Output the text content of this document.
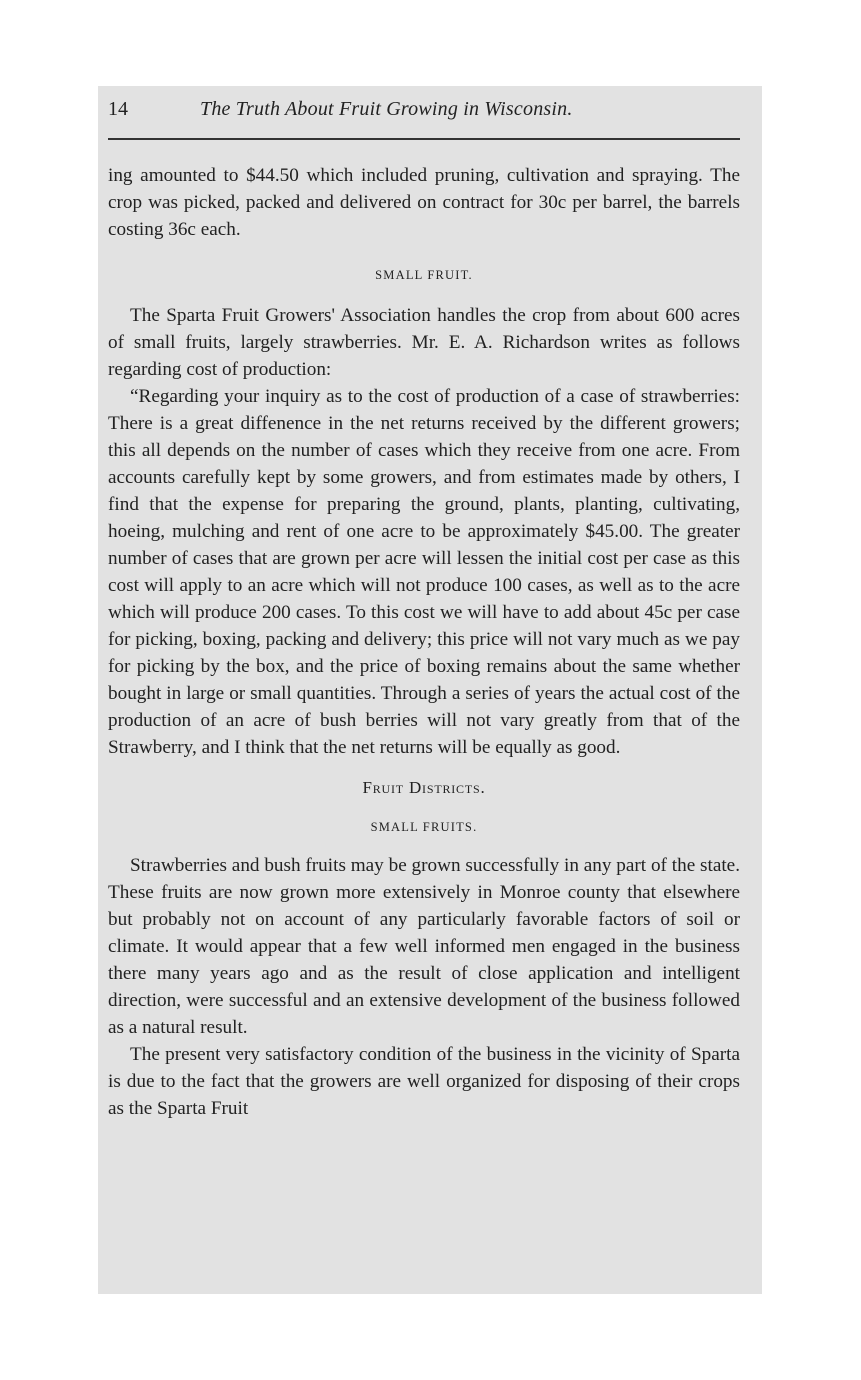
14	The Truth About Fruit Growing in Wisconsin.

ing amounted to $44.50 which included pruning, cultivation and spraying. The crop was picked, packed and delivered on contract for 30c per barrel, the barrels costing 36c each.

SMALL FRUIT.

The Sparta Fruit Growers' Association handles the crop from about 600 acres of small fruits, largely strawberries. Mr. E. A. Richardson writes as follows regarding cost of production:

“Regarding your inquiry as to the cost of production of a case of strawberries: There is a great diffenence in the net returns received by the different growers; this all depends on the number of cases which they receive from one acre. From accounts carefully kept by some growers, and from estimates made by others, I find that the expense for preparing the ground, plants, planting, cultivating, hoeing, mulching and rent of one acre to be approximately $45.00. The greater number of cases that are grown per acre will lessen the initial cost per case as this cost will apply to an acre which will not produce 100 cases, as well as to the acre which will produce 200 cases. To this cost we will have to add about 45c per case for picking, boxing, packing and delivery; this price will not vary much as we pay for picking by the box, and the price of boxing remains about the same whether bought in large or small quantities. Through a series of years the actual cost of the production of an acre of bush berries will not vary greatly from that of the Strawberry, and I think that the net returns will be equally as good.

Fruit Districts.
SMALL FRUITS.

Strawberries and bush fruits may be grown successfully in any part of the state. These fruits are now grown more extensively in Monroe county that elsewhere but probably not on account of any particularly favorable factors of soil or climate. It would appear that a few well informed men engaged in the business there many years ago and as the result of close application and intelligent direction, were successful and an extensive development of the business followed as a natural result.

The present very satisfactory condition of the business in the vicinity of Sparta is due to the fact that the growers are well organized for disposing of their crops as the Sparta Fruit
